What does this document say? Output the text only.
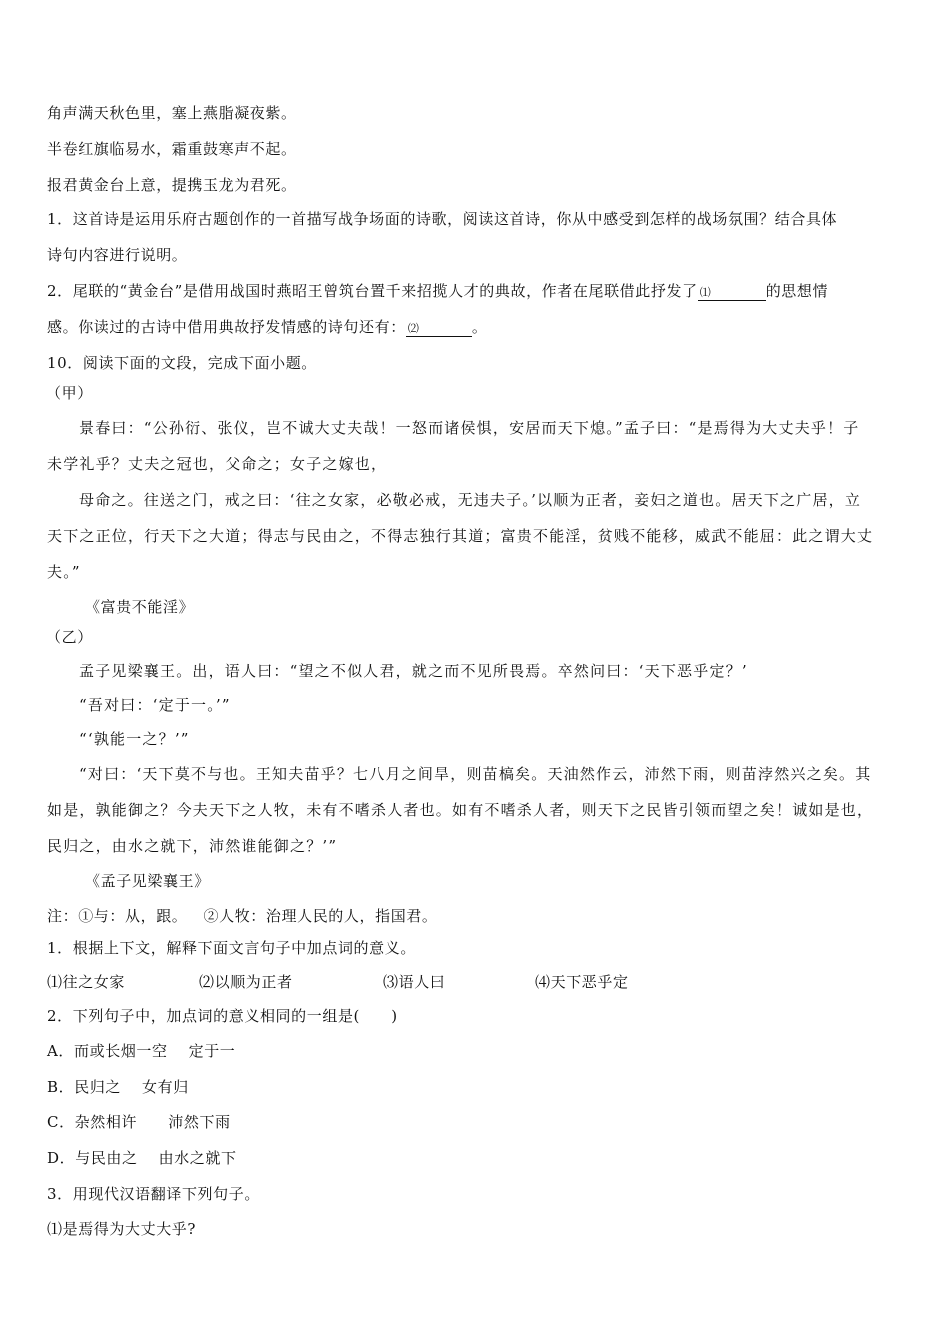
角声满天秋色里，塞上燕脂凝夜紫。
半卷红旗临易水，霜重鼓寒声不起。
报君黄金台上意，提携玉龙为君死。
1．这首诗是运用乐府古题创作的一首描写战争场面的诗歌，阅读这首诗，你从中感受到怎样的战场氛围？结合具体
诗句内容进行说明。
2．尾联的“黄金台”是借用战国时燕昭王曾筑台置千来招揽人才的典故，作者在尾联借此抒发了 ⑴	的思想情
感。你读过的古诗中借用典故抒发情感的诗句还有： ⑵	。
10．阅读下面的文段，完成下面小题。
（甲）
景春曰：“公孙衍、张仪，岂不诚大丈夫哉！一怒而诸侯惧，安居而天下熄。”孟子曰：“是焉得为大丈夫乎！子
未学礼乎？丈夫之冠也，父命之；女子之嫁也，
母命之。往送之门，戒之曰：‘往之女家，必敬必戒，无违夫子。’以顺为正者，妾妇之道也。居天下之广居，立
天下之正位，行天下之大道；得志与民由之，不得志独行其道；富贵不能淫，贫贱不能移，威武不能屈：此之谓大丈
夫。”
《富贵不能淫》
（乙）
孟子见梁襄王。出，语人曰：“望之不似人君，就之而不见所畏焉。卒然问曰：‘天下恶乎定？’
“吾对曰：‘定于一。’”
“‘孰能一之？’”
“对曰：‘天下莫不与也。王知夫苗乎？七八月之间旱，则苗槁矣。天油然作云，沛然下雨，则苗浡然兴之矣。其
如是，孰能御之？今夫天下之人牧，未有不嗜杀人者也。如有不嗜杀人者，则天下之民皆引领而望之矣！诚如是也，
民归之，由水之就下，沛然谁能御之？’”
《孟子见梁襄王》
注：①与：从，跟。   ②人牧：治理人民的人，指国君。
1．根据上下文，解释下面文言句子中加点词的意义。
⑴往之女家	⑵以顺为正者	⑶语人曰	⑷天下恶乎定
2．下列句子中，加点词的意义相同的一组是(　　)
A．而或长烟一空　 定于一
B．民归之　 女有归
C．杂然相许　　沛然下雨
D．与民由之　 由水之就下
3．用现代汉语翻译下列句子。
⑴是焉得为大丈大乎?
